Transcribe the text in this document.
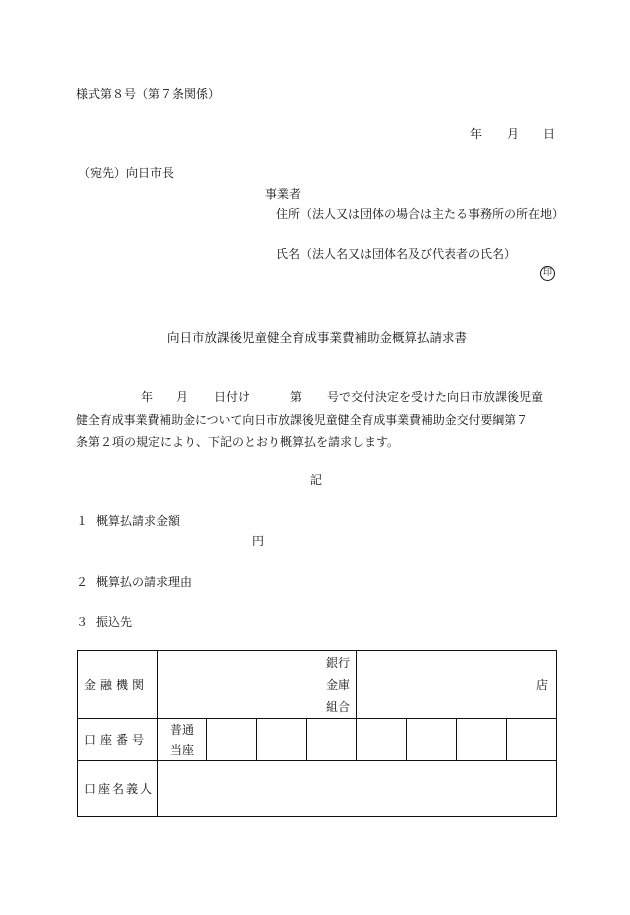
様式第８号（第７条関係）
年 月 日
（宛先）向日市長
事業者
住所（法人又は団体の場合は主たる事務所の所在地）
氏名（法人名又は団体名及び代表者の氏名）
印
向日市放課後児童健全育成事業費補助金概算払請求書
年 月 日付け	第 号で交付決定を受けた向日市放課後児童
健全育成事業費補助金について向日市放課後児童健全育成事業費補助金交付要綱第７
条第２項の規定により、下記のとおり概算払を請求します。
記
１ 概算払請求金額
円
２ 概算払の請求理由
３ 振込先
金融機関	銀行
金庫
組合				店			
口座番号	普通
当座							

口座名義人								
